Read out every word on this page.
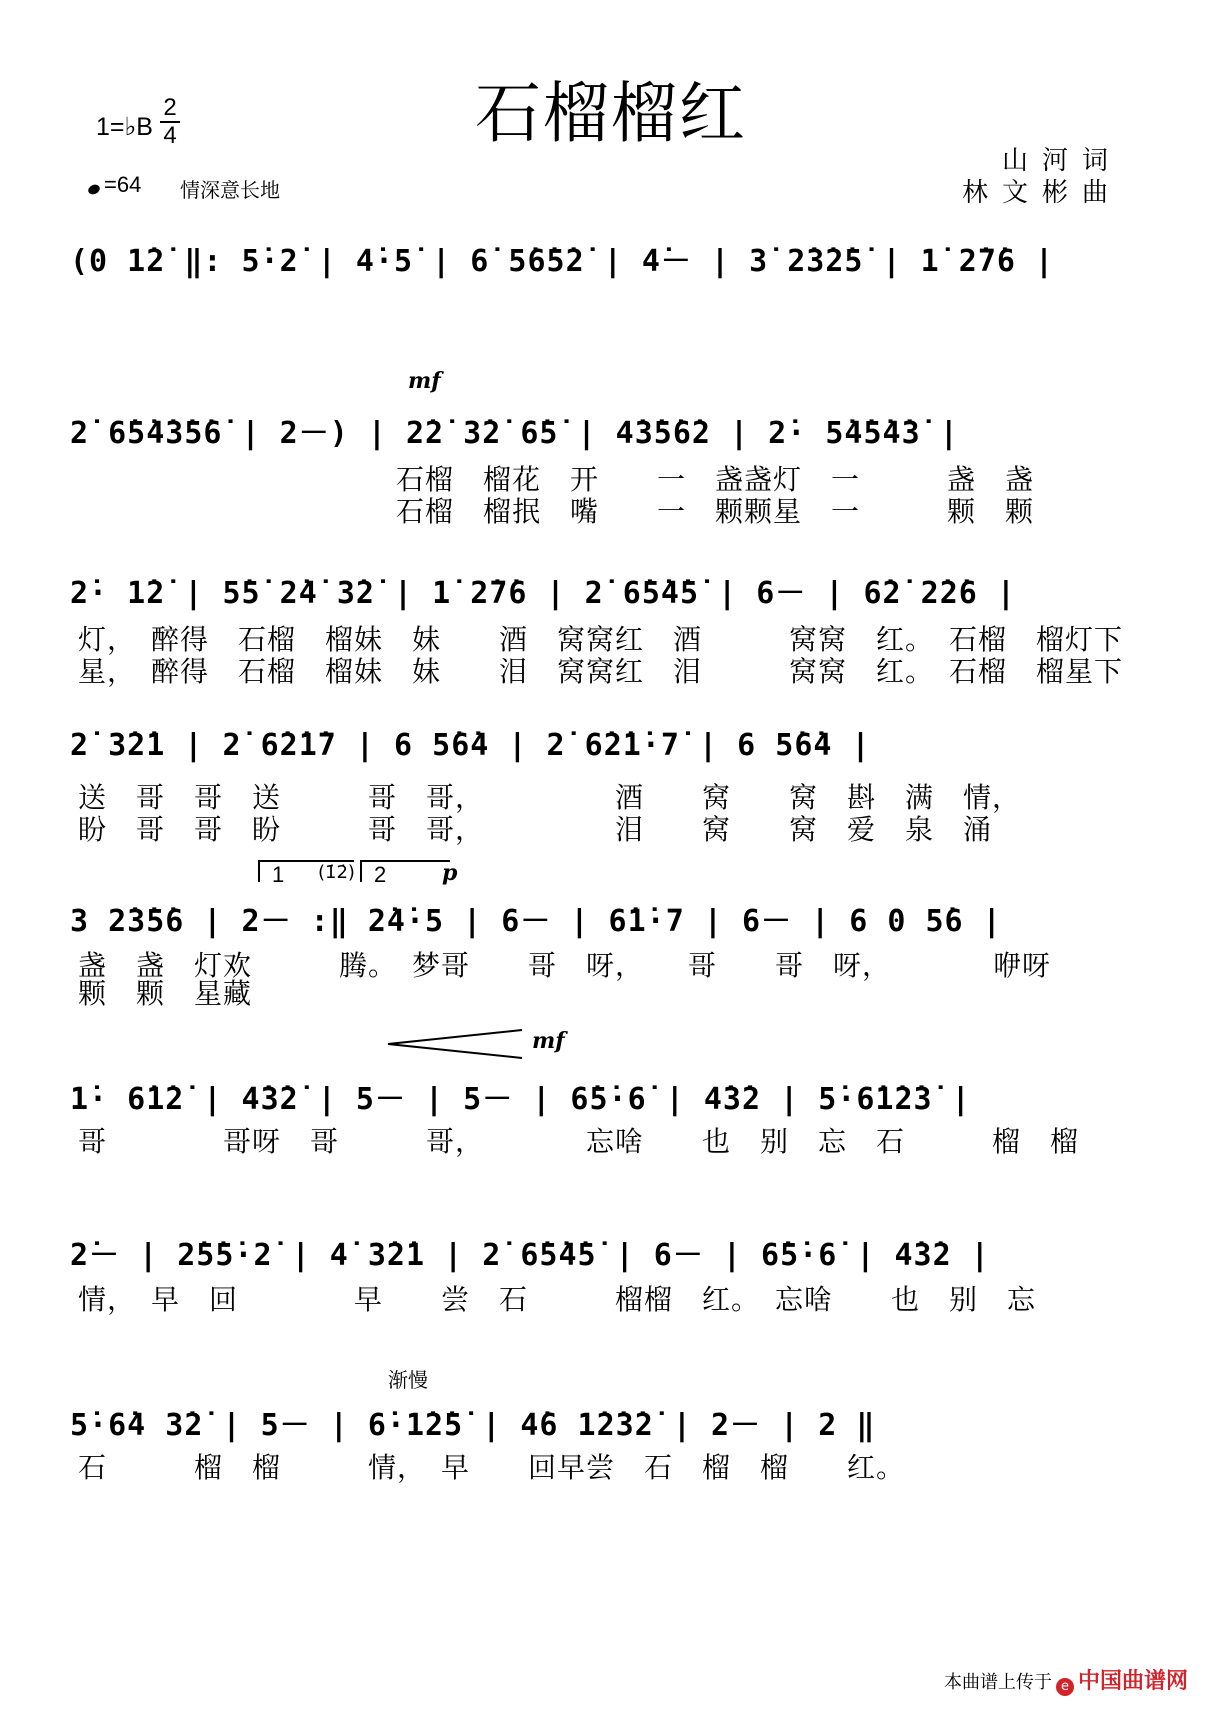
石榴榴红
1=♭B
2
4
=64 情深意长地
山河词
林文彬曲
(0 1̇2̇ ‖: 5̇·2̇ | 4̇·5̇ | 6̇ 5̇6̇5̇2̇ | 4̇－ | 3̇ 2̇3̇2̇5̇ | 1̇ 2̇7̇6 |
mf
2̇ 6̇5̇4̇3̇5̇6̇ | 2－) | 2̇2̇ 3̇2̇ 6̇5̇ | 4̇3̇5̇6̇2 | 2̇· 5̇4̇5̇4̇3̇ |
石榴　榴花　开　　一　盏盏灯　一　　　盏　盏
石榴　榴抿　嘴　　一　颗颗星　一　　　颗　颗
2̇· 1̇2̇ | 5̇5̇ 2̇4̇ 3̇2̇ | 1̇ 2̇7̇6 | 2̇ 6̇5̇4̇5̇ | 6－ | 6̇2̇ 2̇2̇6 |
灯，　醉得　石榴　榴妹　妹　　酒　窝窝红　酒　　　窝窝　红。　石榴　榴灯下
星，　醉得　石榴　榴妹　妹　　泪　窝窝红　泪　　　窝窝　红。　石榴　榴星下
2̇ 3̇2̇1 | 2̇ 6̇2̇1̇7 | 6 5̇6̇4 | 2̇ 6̇2̇1̇·7̇ | 6 5̇6̇4 |
送　哥　哥　送　　　哥　哥，　　　　　酒　　窝　　窝　斟　满　情，
盼　哥　哥　盼　　　哥　哥，　　　　　泪　　窝　　窝　爱　泉　涌
1 (1̇2̇) 2	p
3 2̇3̇5̇6 | 2－ :‖ 2̇4̇·5 | 6－ | 6̇1̇·7 | 6－ | 6 0 5̇6 |
盏　盏　灯欢　　　腾。　梦哥　　哥　呀，　　哥　　哥　呀，　　　　咿呀
颗　颗　星藏
mf
1̇· 6̇1̇2̇ | 4̇3̇2̇ | 5－ | 5－ | 6̇5̇·6̇ | 4̇3̇2 | 5̇·6̇1̇2̇3̇ |
哥　　　　哥呀　哥　　　哥，　　　　忘啥　　也　别　忘　石　　　榴　榴
2̇－ | 2̇5̇5̇·2̇ | 4̇ 3̇2̇1 | 2̇ 6̇5̇4̇5̇ | 6－ | 6̇5̇·6̇ | 4̇3̇2 |
情，　早　回　　　　早　　尝　石　　　榴榴　红。　忘啥　　也　别　忘
渐慢
5̇·6̇4 3̇2̇ | 5－ | 6̇·1̇2̇5̇ | 4̇6 1̇2̇3̇2̇ | 2－ | 2 ‖
石　　　榴　榴　　　情，　早　　回早尝　石　榴　榴　　红。
本曲谱上传于 e 中国曲谱网
